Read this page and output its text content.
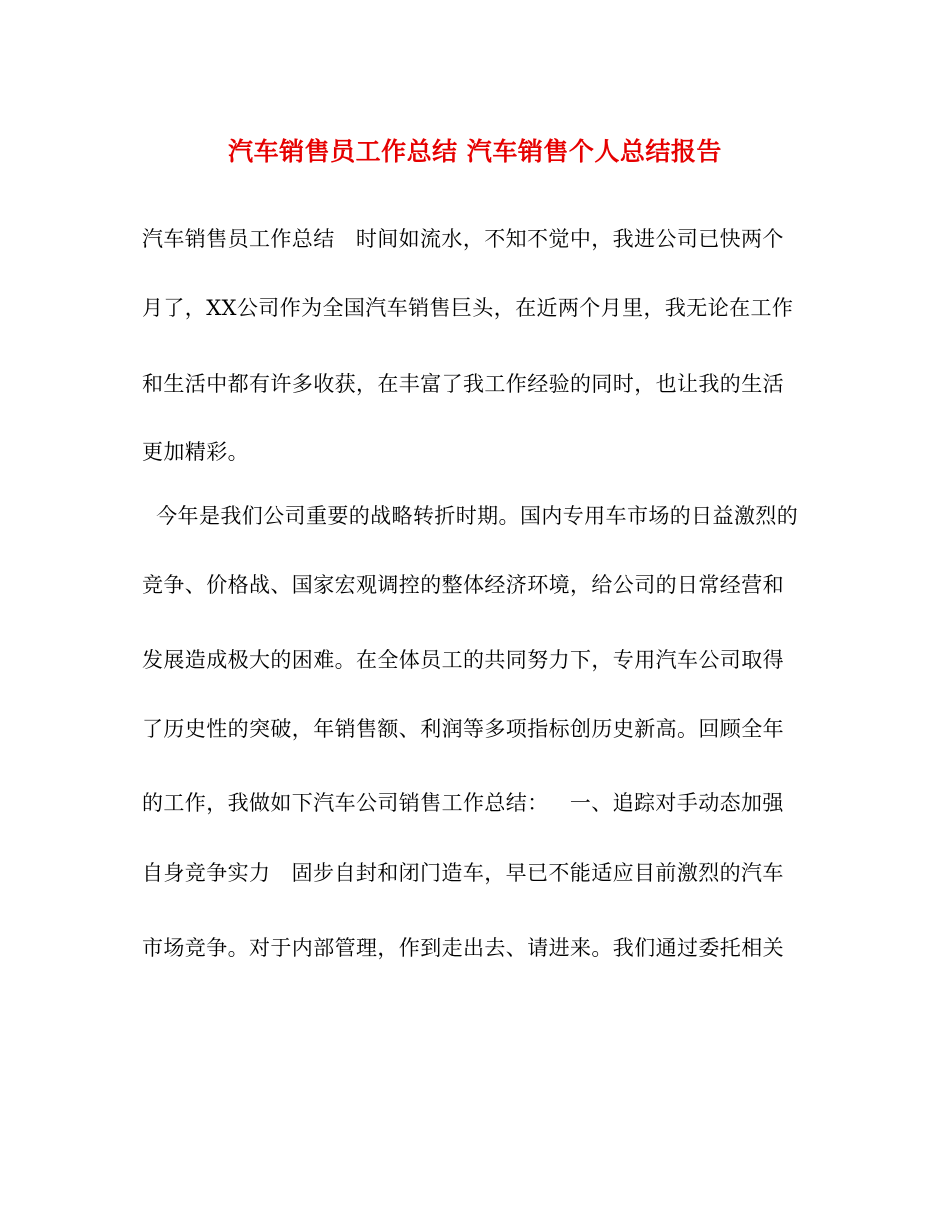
汽车销售员工作总结 汽车销售个人总结报告
汽车销售员工作总结   时间如流水，不知不觉中，我进公司已快两个
月了，XX公司作为全国汽车销售巨头，在近两个月里，我无论在工作
和生活中都有许多收获，在丰富了我工作经验的同时，也让我的生活
更加精彩。
今年是我们公司重要的战略转折时期。国内专用车市场的日益激烈的
竞争、价格战、国家宏观调控的整体经济环境，给公司的日常经营和
发展造成极大的困难。在全体员工的共同努力下，专用汽车公司取得
了历史性的突破，年销售额、利润等多项指标创历史新高。回顾全年
的工作，我做如下汽车公司销售工作总结：   一、追踪对手动态加强
自身竞争实力   固步自封和闭门造车，早已不能适应目前激烈的汽车
市场竞争。对于内部管理，作到走出去、请进来。我们通过委托相关
